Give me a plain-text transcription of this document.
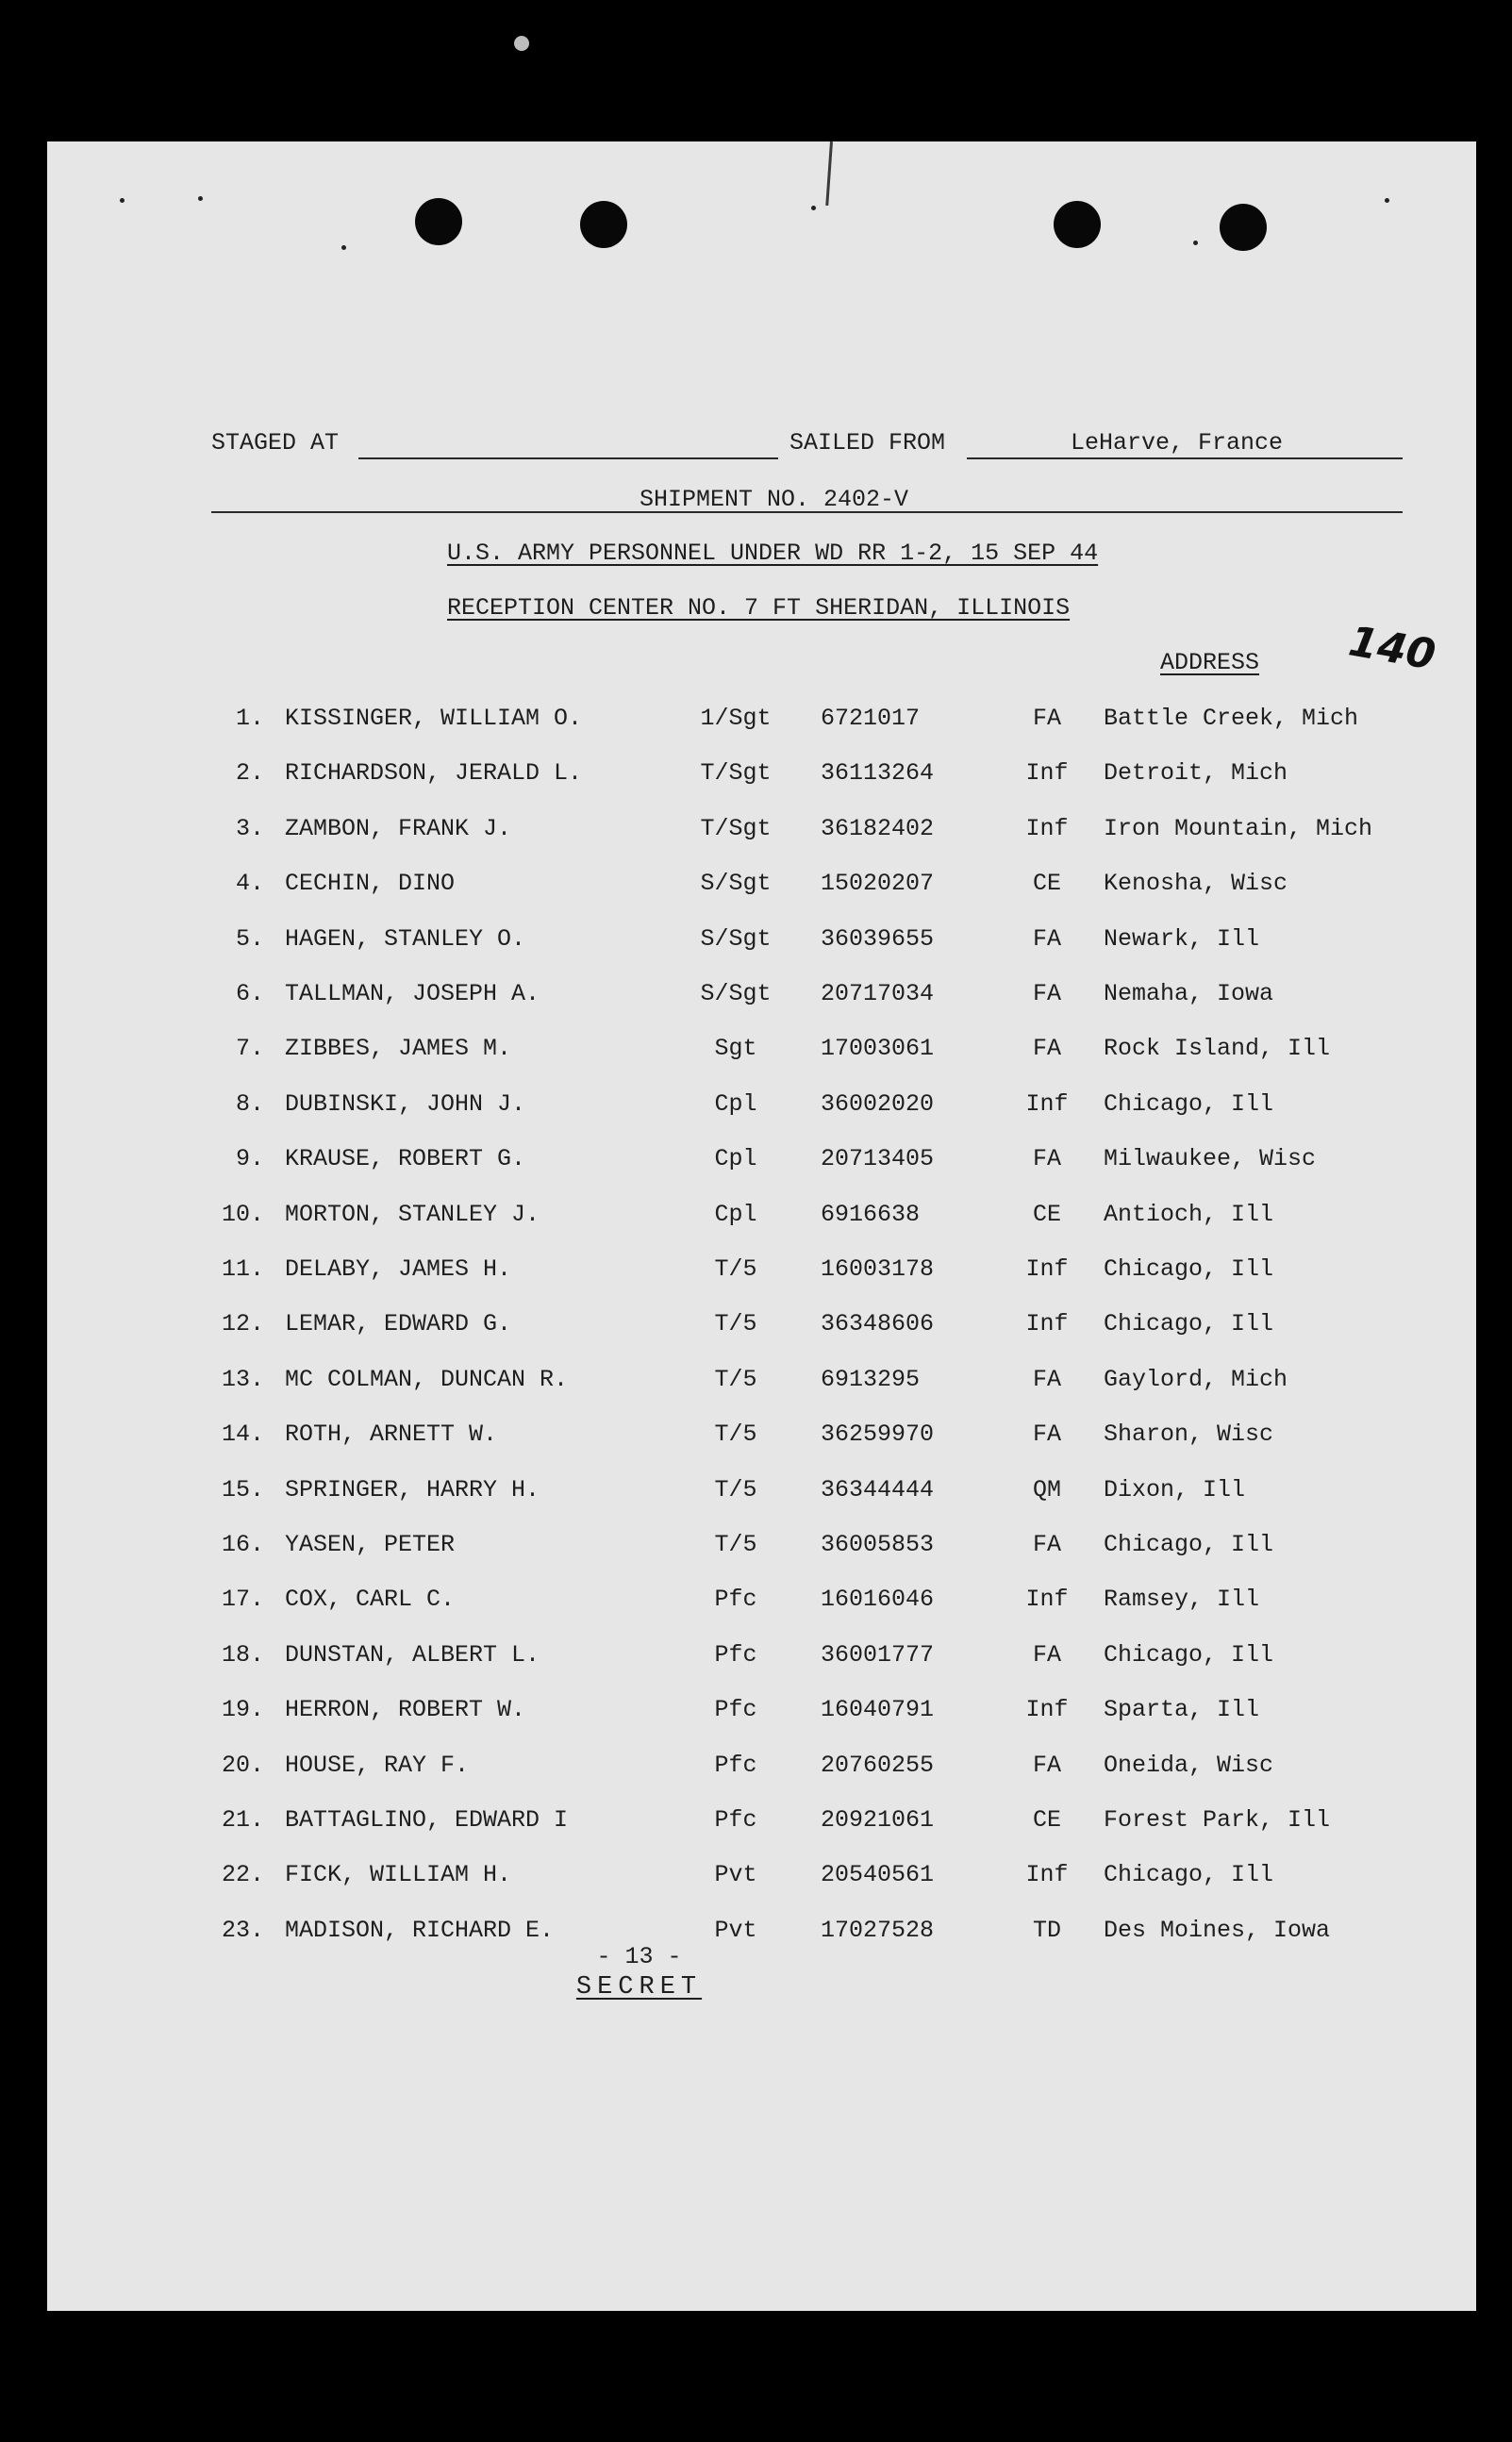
STAGED AT	SAILED FROM	LeHarve, France
SHIPMENT NO. 2402-V
U.S. ARMY PERSONNEL UNDER WD RR 1-2, 15 SEP 44
RECEPTION CENTER NO. 7 FT SHERIDAN, ILLINOIS
140
ADDRESS
1. KISSINGER, WILLIAM O.	1/Sgt	6721017	FA	Battle Creek, Mich
2. RICHARDSON, JERALD L.	T/Sgt	36113264	Inf	Detroit, Mich
3. ZAMBON, FRANK J.	T/Sgt	36182402	Inf	Iron Mountain, Mich
4. CECHIN, DINO	S/Sgt	15020207	CE	Kenosha, Wisc
5. HAGEN, STANLEY O.	S/Sgt	36039655	FA	Newark, Ill
6. TALLMAN, JOSEPH A.	S/Sgt	20717034	FA	Nemaha, Iowa
7. ZIBBES, JAMES M.	Sgt	17003061	FA	Rock Island, Ill
8. DUBINSKI, JOHN J.	Cpl	36002020	Inf	Chicago, Ill
9. KRAUSE, ROBERT G.	Cpl	20713405	FA	Milwaukee, Wisc
10. MORTON, STANLEY J.	Cpl	6916638	CE	Antioch, Ill
11. DELABY, JAMES H.	T/5	16003178	Inf	Chicago, Ill
12. LEMAR, EDWARD G.	T/5	36348606	Inf	Chicago, Ill
13. MC COLMAN, DUNCAN R.	T/5	6913295	FA	Gaylord, Mich
14. ROTH, ARNETT W.	T/5	36259970	FA	Sharon, Wisc
15. SPRINGER, HARRY H.	T/5	36344444	QM	Dixon, Ill
16. YASEN, PETER	T/5	36005853	FA	Chicago, Ill
17. COX, CARL C.	Pfc	16016046	Inf	Ramsey, Ill
18. DUNSTAN, ALBERT L.	Pfc	36001777	FA	Chicago, Ill
19. HERRON, ROBERT W.	Pfc	16040791	Inf	Sparta, Ill
20. HOUSE, RAY F.	Pfc	20760255	FA	Oneida, Wisc
21. BATTAGLINO, EDWARD I	Pfc	20921061	CE	Forest Park, Ill
22. FICK, WILLIAM H.	Pvt	20540561	Inf	Chicago, Ill
23. MADISON, RICHARD E.	Pvt	17027528	TD	Des Moines, Iowa
- 13 -
SECRET
